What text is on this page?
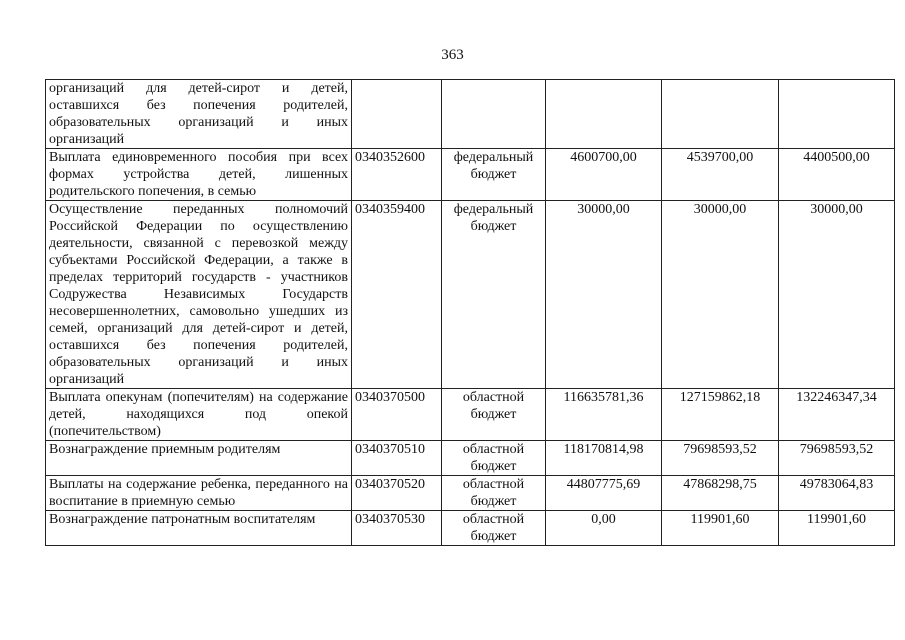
363
организаций для детей-сирот и детей, оставшихся без попечения родителей, образовательных организаций и иных организаций					
Выплата единовременного пособия при всех формах устройства детей, лишенных родительского попечения, в семью	0340352600	федеральный бюджет	4600700,00	4539700,00	4400500,00
Осуществление переданных полномочий Российской Федерации по осуществлению деятельности, связанной с перевозкой между субъектами Российской Федерации, а также в пределах территорий государств - участников Содружества Независимых Государств несовершеннолетних, самовольно ушедших из семей, организаций для детей-сирот и детей, оставшихся без попечения родителей, образовательных организаций и иных организаций	0340359400	федеральный бюджет	30000,00	30000,00	30000,00
Выплата опекунам (попечителям) на содержание детей, находящихся под опекой (попечительством)	0340370500	областной бюджет	116635781,36	127159862,18	132246347,34
Вознаграждение приемным родителям	0340370510	областной бюджет	118170814,98	79698593,52	79698593,52
Выплаты на содержание ребенка, переданного на воспитание в приемную семью	0340370520	областной бюджет	44807775,69	47868298,75	49783064,83
Вознаграждение патронатным воспитателям	0340370530	областной бюджет	0,00	119901,60	119901,60
